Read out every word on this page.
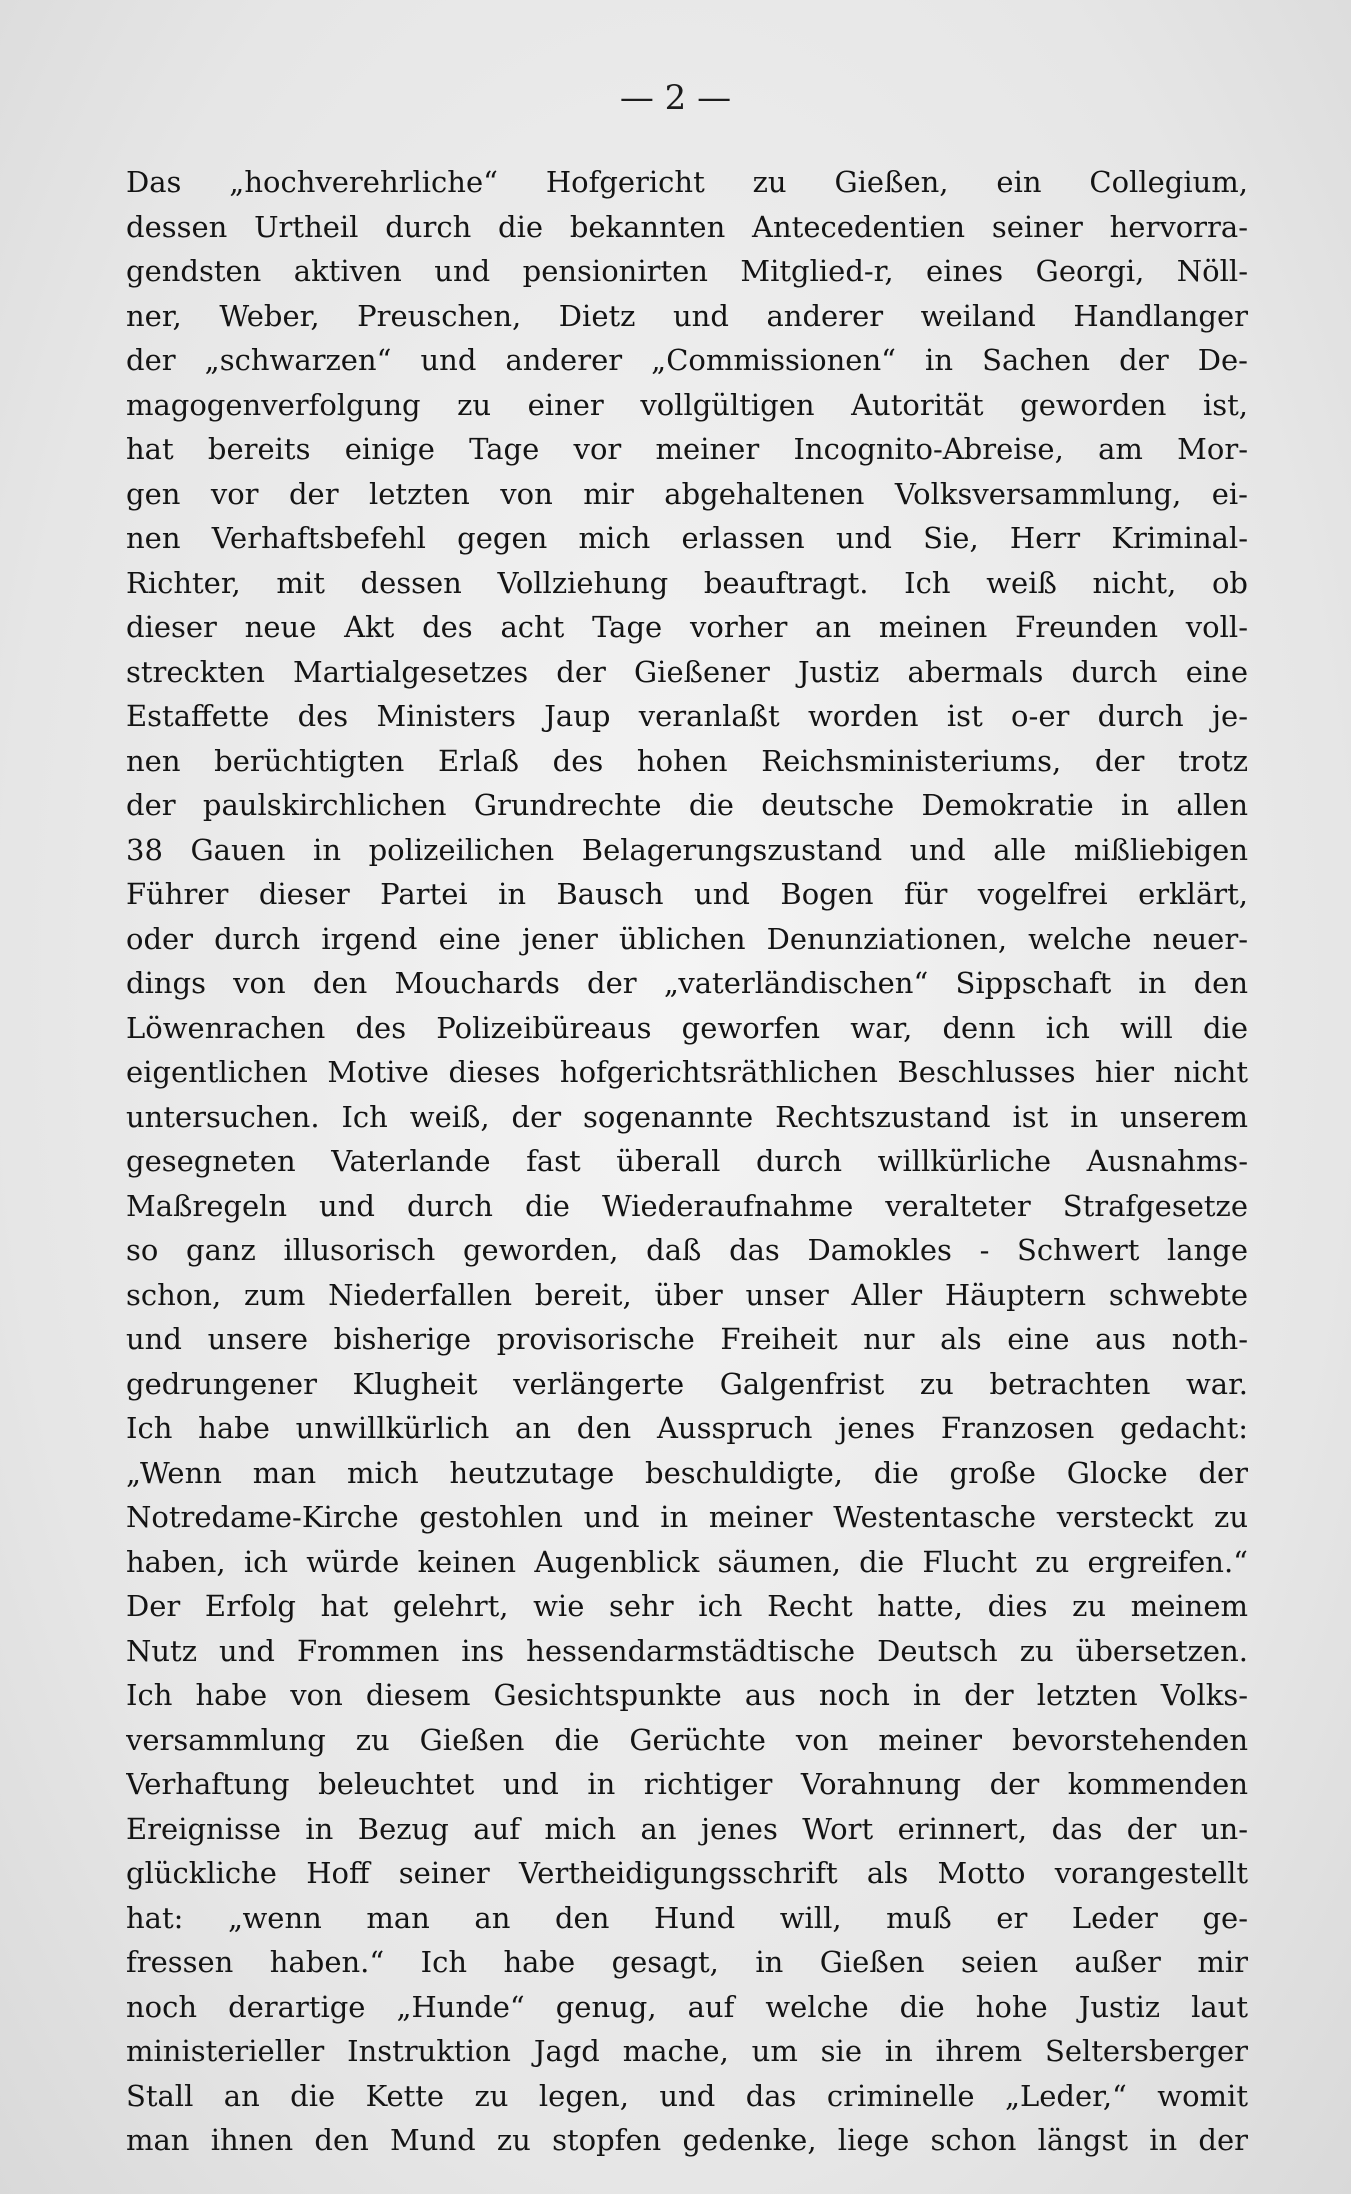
— 2 —
Das „hochverehrliche“ Hofgericht zu Gießen, ein Collegium,
dessen Urtheil durch die bekannten Antecedentien seiner hervorra-
gendsten aktiven und pensionirten Mitglied-r, eines Georgi, Nöll-
ner, Weber, Preuschen, Dietz und anderer weiland Handlanger
der „schwarzen“ und anderer „Commissionen“ in Sachen der De-
magogenverfolgung zu einer vollgültigen Autorität geworden ist,
hat bereits einige Tage vor meiner Incognito-Abreise, am Mor-
gen vor der letzten von mir abgehaltenen Volksversammlung, ei-
nen Verhaftsbefehl gegen mich erlassen und Sie, Herr Kriminal-
Richter, mit dessen Vollziehung beauftragt. Ich weiß nicht, ob
dieser neue Akt des acht Tage vorher an meinen Freunden voll-
streckten Martialgesetzes der Gießener Justiz abermals durch eine
Estaffette des Ministers Jaup veranlaßt worden ist o-er durch je-
nen berüchtigten Erlaß des hohen Reichsministeriums, der trotz
der paulskirchlichen Grundrechte die deutsche Demokratie in allen
38 Gauen in polizeilichen Belagerungszustand und alle mißliebigen
Führer dieser Partei in Bausch und Bogen für vogelfrei erklärt,
oder durch irgend eine jener üblichen Denunziationen, welche neuer-
dings von den Mouchards der „vaterländischen“ Sippschaft in den
Löwenrachen des Polizeibüreaus geworfen war, denn ich will die
eigentlichen Motive dieses hofgerichtsräthlichen Beschlusses hier nicht
untersuchen. Ich weiß, der sogenannte Rechtszustand ist in unserem
gesegneten Vaterlande fast überall durch willkürliche Ausnahms-
Maßregeln und durch die Wiederaufnahme veralteter Strafgesetze
so ganz illusorisch geworden, daß das Damokles - Schwert lange
schon, zum Niederfallen bereit, über unser Aller Häuptern schwebte
und unsere bisherige provisorische Freiheit nur als eine aus noth-
gedrungener Klugheit verlängerte Galgenfrist zu betrachten war.
Ich habe unwillkürlich an den Ausspruch jenes Franzosen gedacht:
„Wenn man mich heutzutage beschuldigte, die große Glocke der
Notredame-Kirche gestohlen und in meiner Westentasche versteckt zu
haben, ich würde keinen Augenblick säumen, die Flucht zu ergreifen.“
Der Erfolg hat gelehrt, wie sehr ich Recht hatte, dies zu meinem
Nutz und Frommen ins hessendarmstädtische Deutsch zu übersetzen.
Ich habe von diesem Gesichtspunkte aus noch in der letzten Volks-
versammlung zu Gießen die Gerüchte von meiner bevorstehenden
Verhaftung beleuchtet und in richtiger Vorahnung der kommenden
Ereignisse in Bezug auf mich an jenes Wort erinnert, das der un-
glückliche Hoff seiner Vertheidigungsschrift als Motto vorangestellt
hat: „wenn man an den Hund will, muß er Leder ge-
fressen haben.“ Ich habe gesagt, in Gießen seien außer mir
noch derartige „Hunde“ genug, auf welche die hohe Justiz laut
ministerieller Instruktion Jagd mache, um sie in ihrem Seltersberger
Stall an die Kette zu legen, und das criminelle „Leder,“ womit
man ihnen den Mund zu stopfen gedenke, liege schon längst in der
